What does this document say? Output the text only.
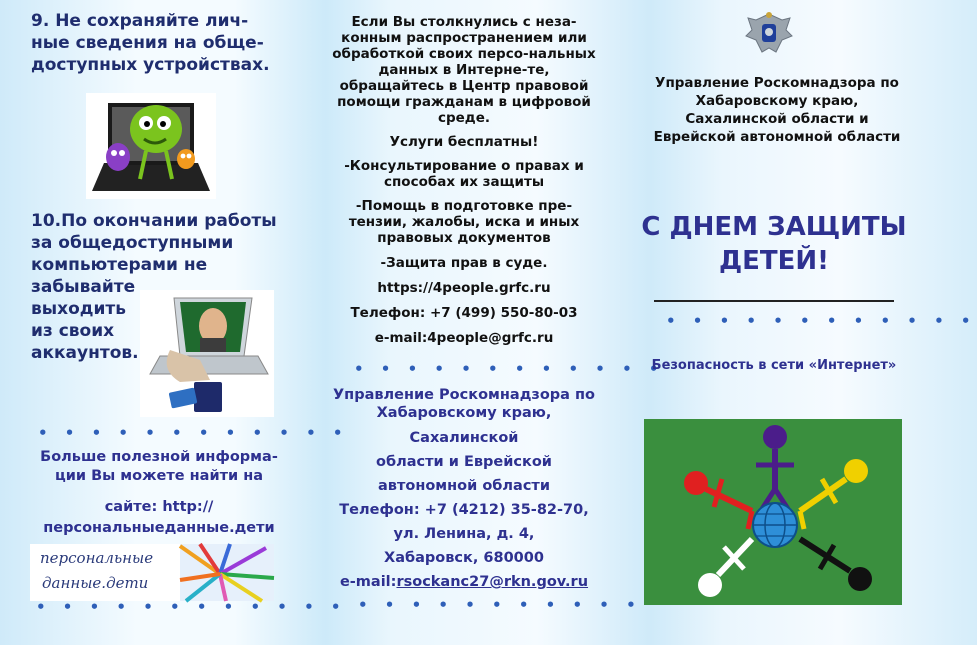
9. Не сохраняйте лич-ные сведения на обще-доступных устройствах.
10.По окончании работы за общедоступными компьютерами не
забывайте выходить из своих аккаунтов.
• • • • • • • • • • • •
Больше полезной информа-ции Вы можете найти на
сайте: http://
персональныеданные.дети
персональные
данные.дети
• • • • • • • • • • • •

Если Вы столкнулись с неза-конным распространением или обработкой своих персо-нальных данных в Интерне-те, обращайтесь в Центр правовой помощи гражданам в цифровой среде.

Услуги бесплатны!

-Консультирование о правах и способах их защиты

-Помощь в подготовке пре-тензии, жалобы, иска и иных правовых документов

-Защита прав в суде.

https://4people.grfc.ru

Телефон: +7 (499) 550-80-03

e-mail:4people@grfc.ru

• • • • • • • • • • • •

Управление Роскомнадзора по Хабаровскому краю,

Сахалинской

области и Еврейской

автономной области

Телефон: +7 (4212) 35-82-70,

ул. Ленина, д. 4,

Хабаровск, 680000

e-mail:rsockanc27@rkn.gov.ru

• • • • • • • • • • •
Управление Роскомнадзора по Хабаровскому краю, Сахалинской области и Еврейской автономной области
С ДНЕМ ЗАЩИТЫ ДЕТЕЙ!
• • • • • • • • • • • •
Безопасность в сети «Интернет»
